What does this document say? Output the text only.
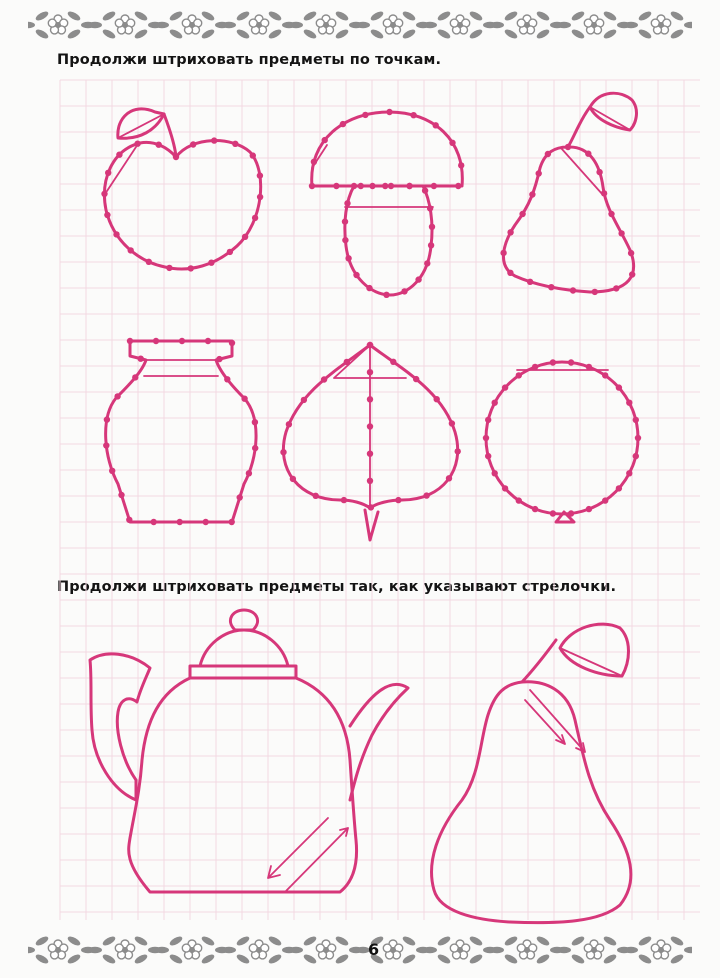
Продолжи штриховать предметы по точкам.

Продолжи штриховать предметы так, как указывают стрелочки.

6
